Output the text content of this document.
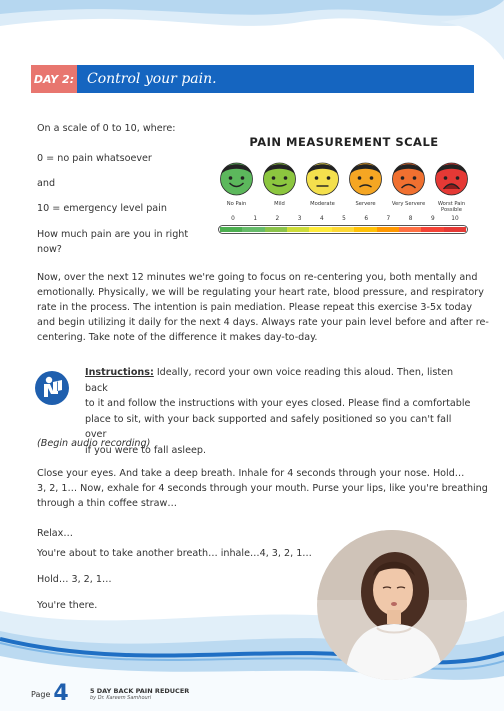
DAY 2: Control your pain.
On a scale of 0 to 10, where:
0 = no pain whatsoever
and
10 = emergency level pain
How much pain are you in right
now?
PAIN MEASUREMENT SCALE
No Pain	Mild	Moderate	Servere	Very Servere	Worst Pain Possible
0	1	2	3	4	5	6	7	8	9	10
Now, over the next 12 minutes we're going to focus on re-centering you, both mentally and
emotionally. Physically, we will be regulating your heart rate, blood pressure, and respiratory
rate in the process. The intention is pain mediation. Please repeat this exercise 3-5x today
and begin utilizing it daily for the next 4 days. Always rate your pain level before and after re-
centering. Take note of the difference it makes day-to-day.
Instructions: Ideally, record your own voice reading this aloud. Then, listen back
to it and follow the instructions with your eyes closed. Please find a comfortable
place to sit, with your back supported and safely positioned so you can't fall over
if you were to fall asleep.
(Begin audio recording)
Close your eyes. And take a deep breath. Inhale for 4 seconds through your nose. Hold…
3, 2, 1… Now, exhale for 4 seconds through your mouth. Purse your lips, like you're breathing
through a thin coffee straw…
Relax…
You're about to take another breath… inhale…4, 3, 2, 1…
Hold… 3, 2, 1…
You're there.
Page 4	5 DAY BACK PAIN REDUCER
by Dr. Kareem Samhouri
